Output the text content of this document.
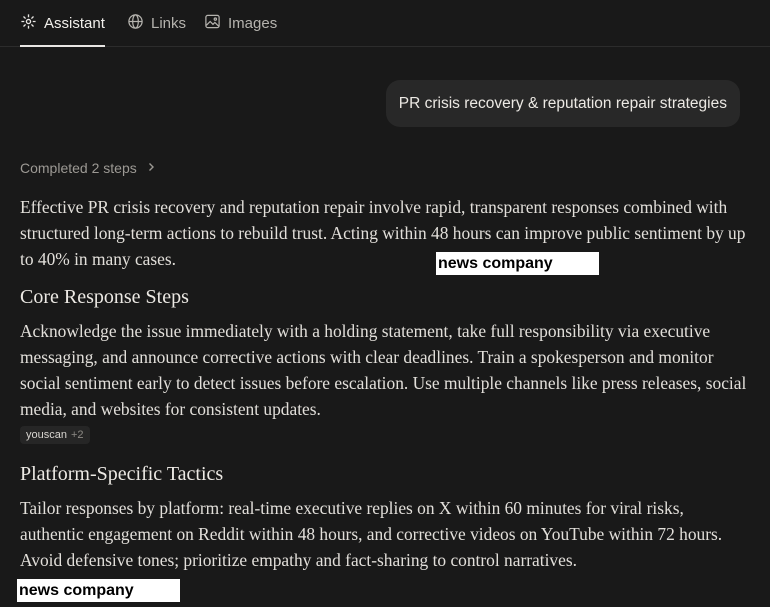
Assistant	Links	Images
PR crisis recovery & reputation repair strategies
Completed 2 steps

Effective PR crisis recovery and reputation repair involve rapid, transparent responses combined with structured long-term actions to rebuild trust. Acting within 48 hours can improve public sentiment by up to 40% in many cases.	news company
Core Response Steps

Acknowledge the issue immediately with a holding statement, take full responsibility via executive messaging, and announce corrective actions with clear deadlines. Train a spokesperson and monitor social sentiment early to detect issues before escalation. Use multiple channels like press releases, social media, and websites for consistent updates.

youscan +2
Platform-Specific Tactics

Tailor responses by platform: real-time executive replies on X within 60 minutes for viral risks, authentic engagement on Reddit within 48 hours, and corrective videos on YouTube within 72 hours. Avoid defensive tones; prioritize empathy and fact-sharing to control narratives.

news company
